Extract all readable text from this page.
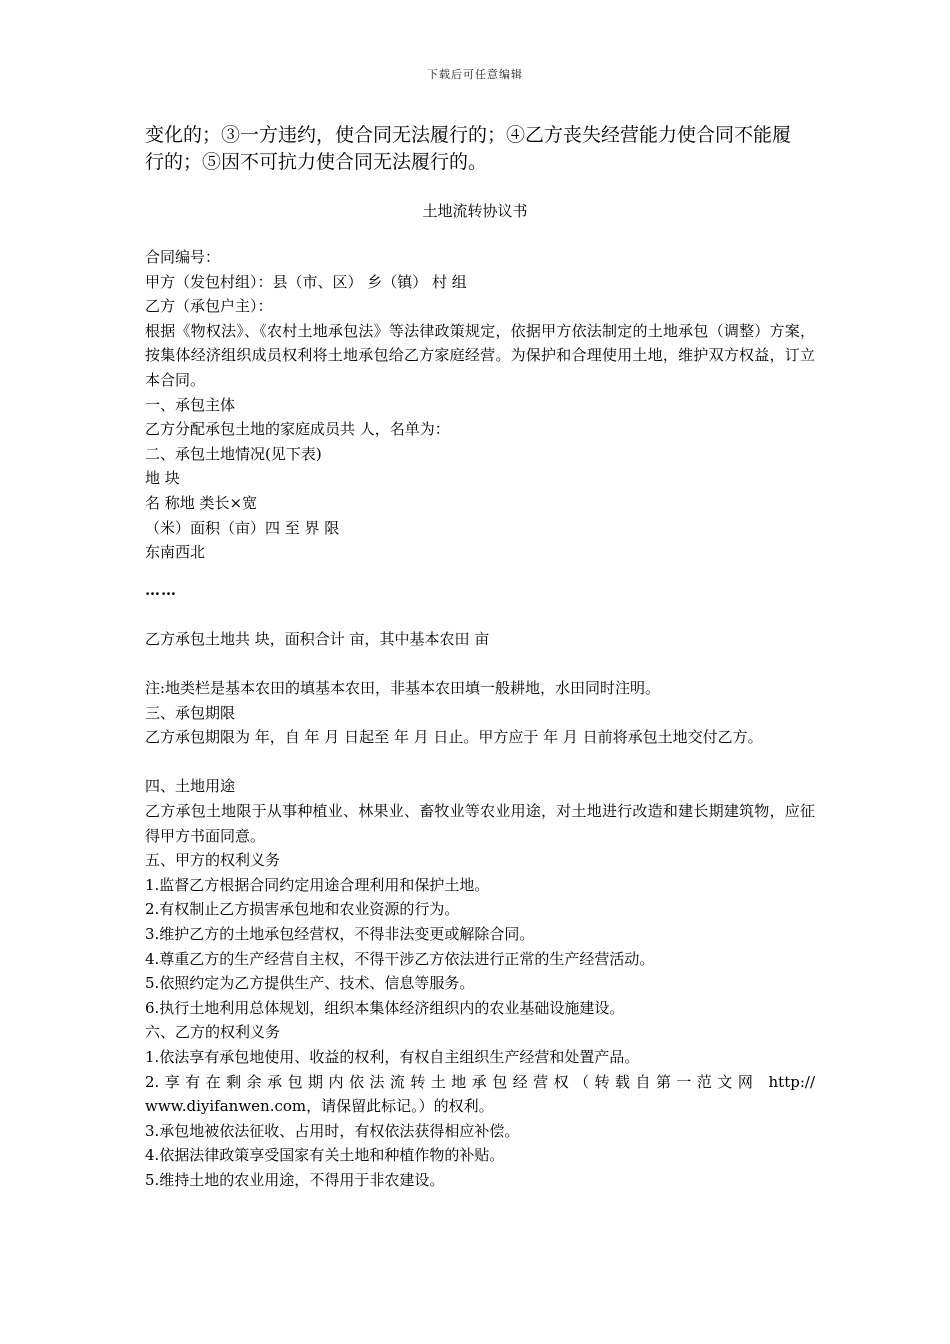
下载后可任意编辑
变化的；③一方违约，使合同无法履行的；④乙方丧失经营能力使合同不能履
行的；⑤因不可抗力使合同无法履行的。
土地流转协议书

合同编号：

甲方（发包村组）：县（市、区） 乡（镇） 村 组

乙方（承包户主）：

根据《物权法》、《农村土地承包法》等法律政策规定，依据甲方依法制定的土地承包（调整）方案，按集体经济组织成员权利将土地承包给乙方家庭经营。为保护和合理使用土地，维护双方权益，订立本合同。

一、承包主体

乙方分配承包土地的家庭成员共 人，名单为：

二、承包土地情况(见下表)

地 块

名 称地 类长×宽

（米）面积（亩）四 至 界 限

东南西北

……

乙方承包土地共 块，面积合计 亩，其中基本农田 亩

注:地类栏是基本农田的填基本农田，非基本农田填一般耕地，水田同时注明。

三、承包期限

乙方承包期限为 年，自 年 月 日起至 年 月 日止。甲方应于 年 月 日前将承包土地交付乙方。

四、土地用途

乙方承包土地限于从事种植业、林果业、畜牧业等农业用途，对土地进行改造和建长期建筑物，应征得甲方书面同意。

五、甲方的权利义务

1.监督乙方根据合同约定用途合理利用和保护土地。

2.有权制止乙方损害承包地和农业资源的行为。

3.维护乙方的土地承包经营权，不得非法变更或解除合同。

4.尊重乙方的生产经营自主权，不得干涉乙方依法进行正常的生产经营活动。

5.依照约定为乙方提供生产、技术、信息等服务。

6.执行土地利用总体规划，组织本集体经济组织内的农业基础设施建设。

六、乙方的权利义务

1.依法享有承包地使用、收益的权利，有权自主组织生产经营和处置产品。

2.享有在剩余承包期内依法流转土地承包经营权（转载自第一范文网 http://

www.diyifanwen.com，请保留此标记。）的权利。

3.承包地被依法征收、占用时，有权依法获得相应补偿。

4.依据法律政策享受国家有关土地和种植作物的补贴。

5.维持土地的农业用途，不得用于非农建设。
